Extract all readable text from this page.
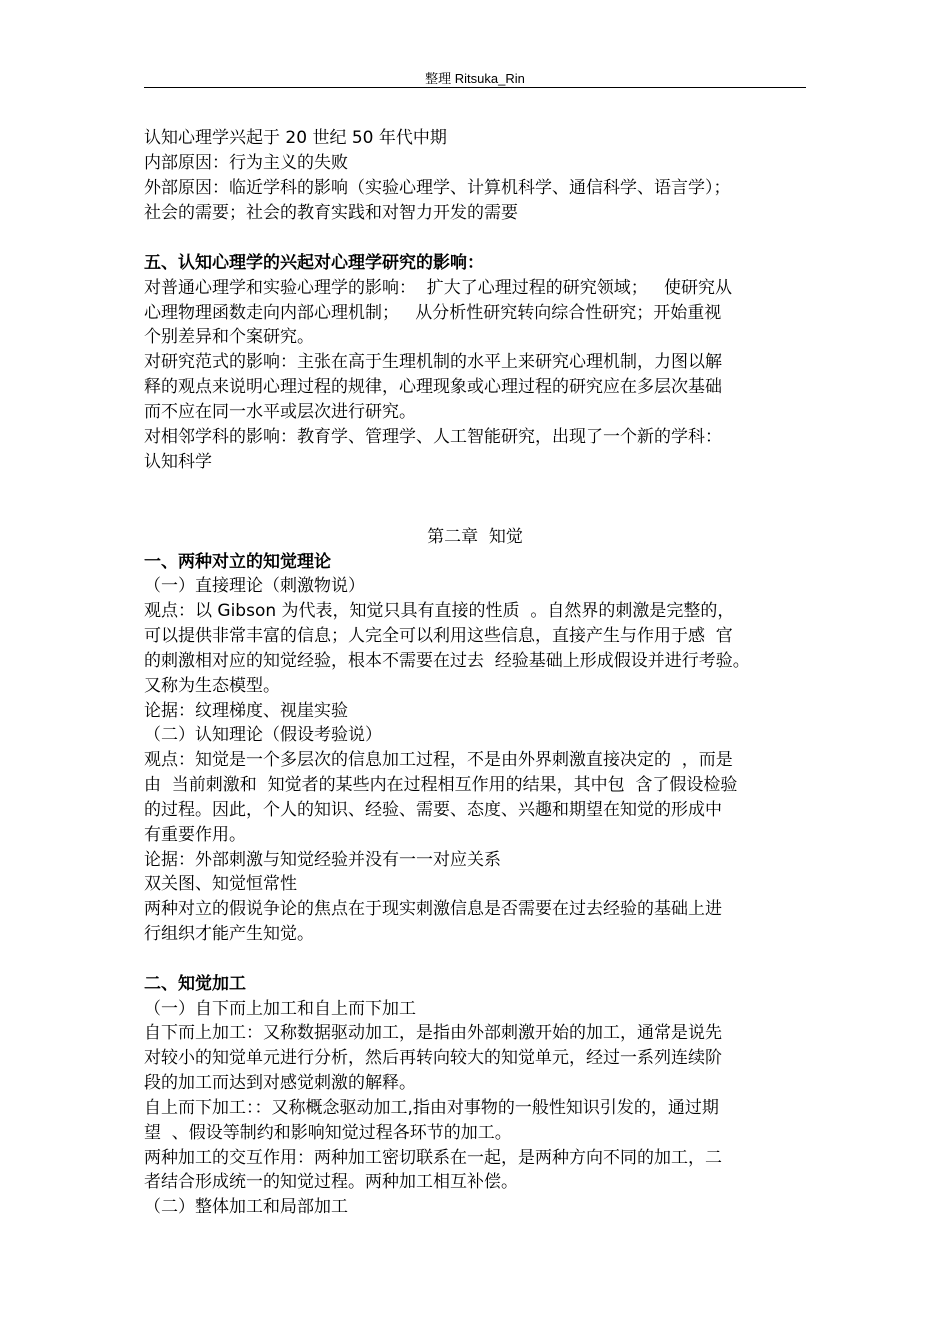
整理 Ritsuka_Rin
认知心理学兴起于 20 世纪 50 年代中期
内部原因：行为主义的失败
外部原因：临近学科的影响（实验心理学、计算机科学、通信科学、语言学）；
社会的需要；社会的教育实践和对智力开发的需要
五、认知心理学的兴起对心理学研究的影响：
对普通心理学和实验心理学的影响：  扩大了心理过程的研究领域；   使研究从
心理物理函数走向内部心理机制；   从分析性研究转向综合性研究；开始重视
个别差异和个案研究。
对研究范式的影响：主张在高于生理机制的水平上来研究心理机制，力图以解
释的观点来说明心理过程的规律，心理现象或心理过程的研究应在多层次基础
而不应在同一水平或层次进行研究。
对相邻学科的影响：教育学、管理学、人工智能研究，出现了一个新的学科：
认知科学
第二章  知觉
一、两种对立的知觉理论
（一）直接理论（刺激物说）
观点：以 Gibson 为代表，知觉只具有直接的性质  。自然界的刺激是完整的，
可以提供非常丰富的信息；人完全可以利用这些信息，直接产生与作用于感  官
的刺激相对应的知觉经验，根本不需要在过去  经验基础上形成假设并进行考验。
又称为生态模型。
论据：纹理梯度、视崖实验
（二）认知理论（假设考验说）
观点：知觉是一个多层次的信息加工过程，不是由外界刺激直接决定的  ，而是
由  当前刺激和  知觉者的某些内在过程相互作用的结果，其中包  含了假设检验
的过程。因此，个人的知识、经验、需要、态度、兴趣和期望在知觉的形成中
有重要作用。
论据：外部刺激与知觉经验并没有一一对应关系
双关图、知觉恒常性
两种对立的假说争论的焦点在于现实刺激信息是否需要在过去经验的基础上进
行组织才能产生知觉。
二、知觉加工
（一）自下而上加工和自上而下加工
自下而上加工：又称数据驱动加工，是指由外部刺激开始的加工，通常是说先
对较小的知觉单元进行分析，然后再转向较大的知觉单元，经过一系列连续阶
段的加工而达到对感觉刺激的解释。
自上而下加工：：又称概念驱动加工,指由对事物的一般性知识引发的，通过期
望  、假设等制约和影响知觉过程各环节的加工。
两种加工的交互作用：两种加工密切联系在一起，是两种方向不同的加工，二
者结合形成统一的知觉过程。两种加工相互补偿。
（二）整体加工和局部加工
